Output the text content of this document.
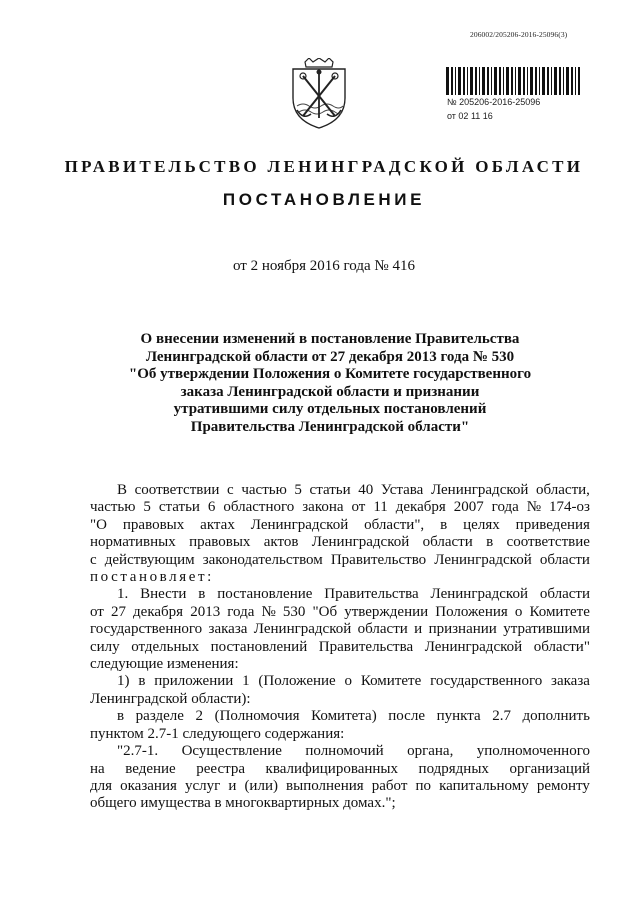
206002/205206-2016-25096(3)
№ 205206-2016-25096
от 02 11 16
ПРАВИТЕЛЬСТВО ЛЕНИНГРАДСКОЙ ОБЛАСТИ
ПОСТАНОВЛЕНИЕ
от 2 ноября 2016 года № 416
О внесении изменений в постановление Правительства
Ленинградской области от 27 декабря 2013 года № 530
"Об утверждении Положения о Комитете государственного
заказа Ленинградской области и признании
утратившими силу отдельных постановлений
Правительства Ленинградской области"
В соответствии с частью 5 статьи 40 Устава Ленинградской области,
частью 5 статьи 6 областного закона от 11 декабря 2007 года № 174-оз
"О правовых актах Ленинградской области", в целях приведения
нормативных правовых актов Ленинградской области в соответствие
с действующим законодательством Правительство Ленинградской области
постановляет:
1. Внести в постановление Правительства Ленинградской области
от 27 декабря 2013 года № 530 "Об утверждении Положения о Комитете
государственного заказа Ленинградской области и признании утратившими
силу отдельных постановлений Правительства Ленинградской области"
следующие изменения:
1) в приложении 1 (Положение о Комитете государственного заказа
Ленинградской области):
в разделе 2 (Полномочия Комитета) после пункта 2.7 дополнить
пунктом 2.7-1 следующего содержания:
"2.7-1. Осуществление полномочий органа, уполномоченного
на ведение реестра квалифицированных подрядных организаций
для оказания услуг и (или) выполнения работ по капитальному ремонту
общего имущества в многоквартирных домах.";
